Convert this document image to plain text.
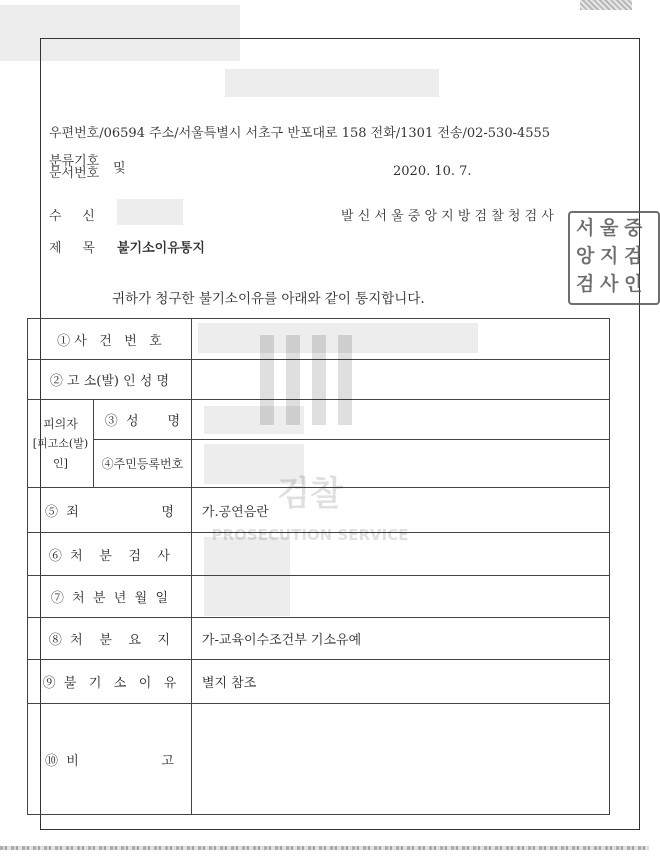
우편번호/06594 주소/서울특별시 서초구 반포대로 158 전화/1301 전송/02-530-4555
분류기호
문서번호 및	2020. 10. 7.
수     신	발 신 서 울 중 앙 지 방 검 찰 청 검 사
제     목 불기소이유통지
서 울 중
앙 지 검
검 사 인
귀하가 청구한 불기소이유를 아래와 같이 통지합니다.
① 사   건   번   호		

② 고 소(발) 인 성 명		

피의자
[피고소(발)인]	③  성       명	

	④주민등록번호	

⑤  죄                    명		가.공연음란
⑥  처    분    검    사		

⑦  처  분  년  월  일		

⑧  처    분    요    지		가-교육이수조건부 기소유예
⑨  불   기   소   이   유		별지 참조
⑩  비                    고		
검찰
PROSECUTION SERVICE
